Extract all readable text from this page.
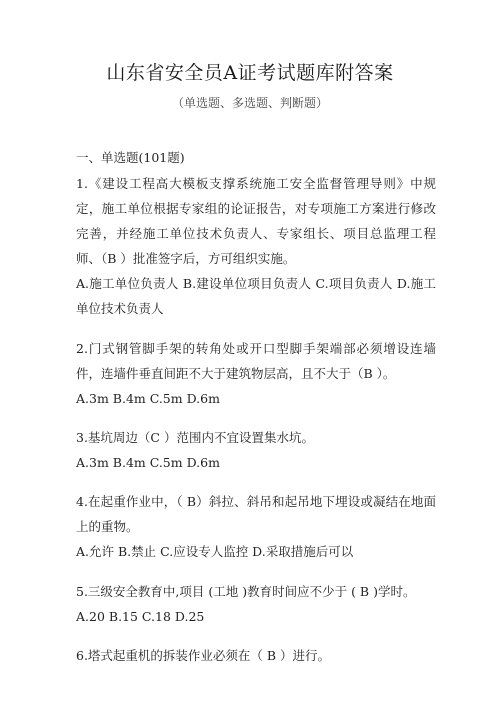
山东省安全员A证考试题库附答案
（单选题、多选题、判断题）
一、单选题(101题)
1.《建设工程高大模板支撑系统施工安全监督管理导则》中规定，施工单位根据专家组的论证报告，对专项施工方案进行修改完善，并经施工单位技术负责人、专家组长、项目总监理工程师、（B ）批准签字后，方可组织实施。
A.施工单位负责人 B.建设单位项目负责人 C.项目负责人 D.施工单位技术负责人
2.门式钢管脚手架的转角处或开口型脚手架端部必须增设连墙件，连墙件垂直间距不大于建筑物层高，且不大于（B ）。
A.3m B.4m C.5m D.6m
3.基坑周边（C ）范围内不宜设置集水坑。
A.3m B.4m C.5m D.6m
4.在起重作业中，（ B）斜拉、斜吊和起吊地下埋设或凝结在地面上的重物。
A.允许 B.禁止 C.应设专人监控 D.采取措施后可以
5.三级安全教育中,项目 (工地 )教育时间应不少于 ( B )学时。
A.20 B.15 C.18 D.25
6.塔式起重机的拆装作业必须在（ B ）进行。
